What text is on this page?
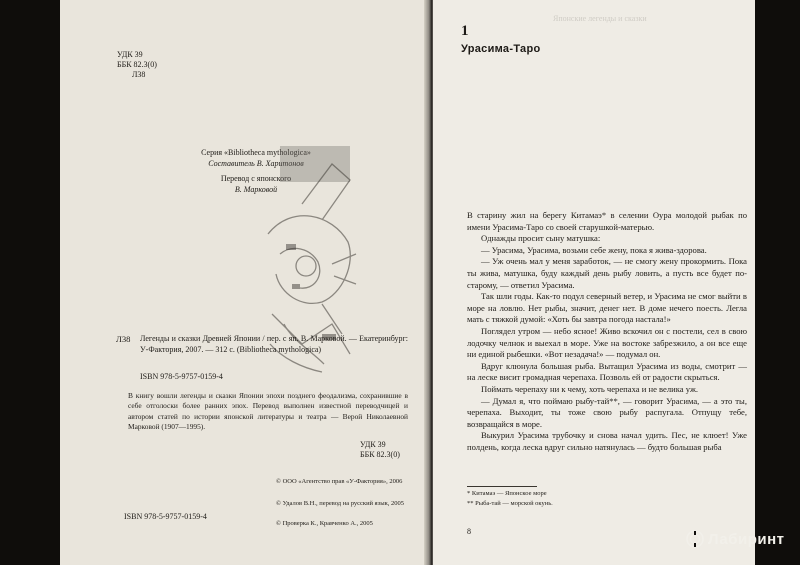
УДК 39
ББК 82.3(0)
Л38
Серия «Bibliotheca mythologica»
Составитель В. Харитонов
Перевод с японского
В. Марковой
Л38	Легенды и сказки Древней Японии / пер. с яп. В. Марковой. — Екатеринбург: У-Фактория, 2007. — 312 с. (Bibliotheca mythologica)
ISBN 978-5-9757-0159-4
В книгу вошли легенды и сказки Японии эпохи позднего феодализма, сохранившие в себе отголоски более ранних эпох. Перевод выполнен известной переводчицей и автором статей по истории японской литературы и театра — Верой Николаевной Марковой (1907—1995).
УДК 39
ББК 82.3(0)
© ООО «Агентство прав «У-Фактория», 2006
© Удалов В.Н., перевод на русский язык, 2005
© Проверка К., Кравченко А., 2005
ISBN 978-5-9757-0159-4
Японские легенды и сказки
1
Урасима-Таро

В старину жил на берегу Китамаэ* в селении Оура молодой рыбак по имени Урасима-Таро со своей старушкой-матерью.

Однажды просит сыну матушка:

— Урасима, Урасима, возьми себе жену, пока я жива-здорова.

— Уж очень мал у меня заработок, — не смогу жену прокормить. Пока ты жива, матушка, буду каждый день рыбу ловить, а пусть все будет по-старому, — ответил Урасима.

Так шли годы. Как-то подул северный ветер, и Урасима не смог выйти в море на ловлю. Нет рыбы, значит, денег нет. В доме нечего поесть. Легла мать с тяжкой думой: «Хоть бы завтра погода настала!»

Поглядел утром — небо ясное! Живо вскочил он с постели, сел в свою лодочку челнок и выехал в море. Уже на востоке забрезжило, а он все еще ни единой рыбешки. «Вот незадача!» — подумал он.

Вдруг клюнула большая рыба. Вытащил Урасима из воды, смотрит — на леске висит громадная черепаха. Позволь ей от радости скрыться.

Поймать черепаху ни к чему, хоть черепаха и не велика уж.

— Думал я, что поймаю рыбу-тай**, — говорит Урасима, — а это ты, черепаха. Выходит, ты тоже свою рыбу распугала. Отпущу тебе, возвращайся в море.

Выкурил Урасима трубочку и снова начал удить. Пес, не клюет! Уже полдень, когда леска вдруг сильно натянулась — будто большая рыба

* Китамаэ — Японское море
** Рыба-тай — морской окунь.
8	Лабиринт
